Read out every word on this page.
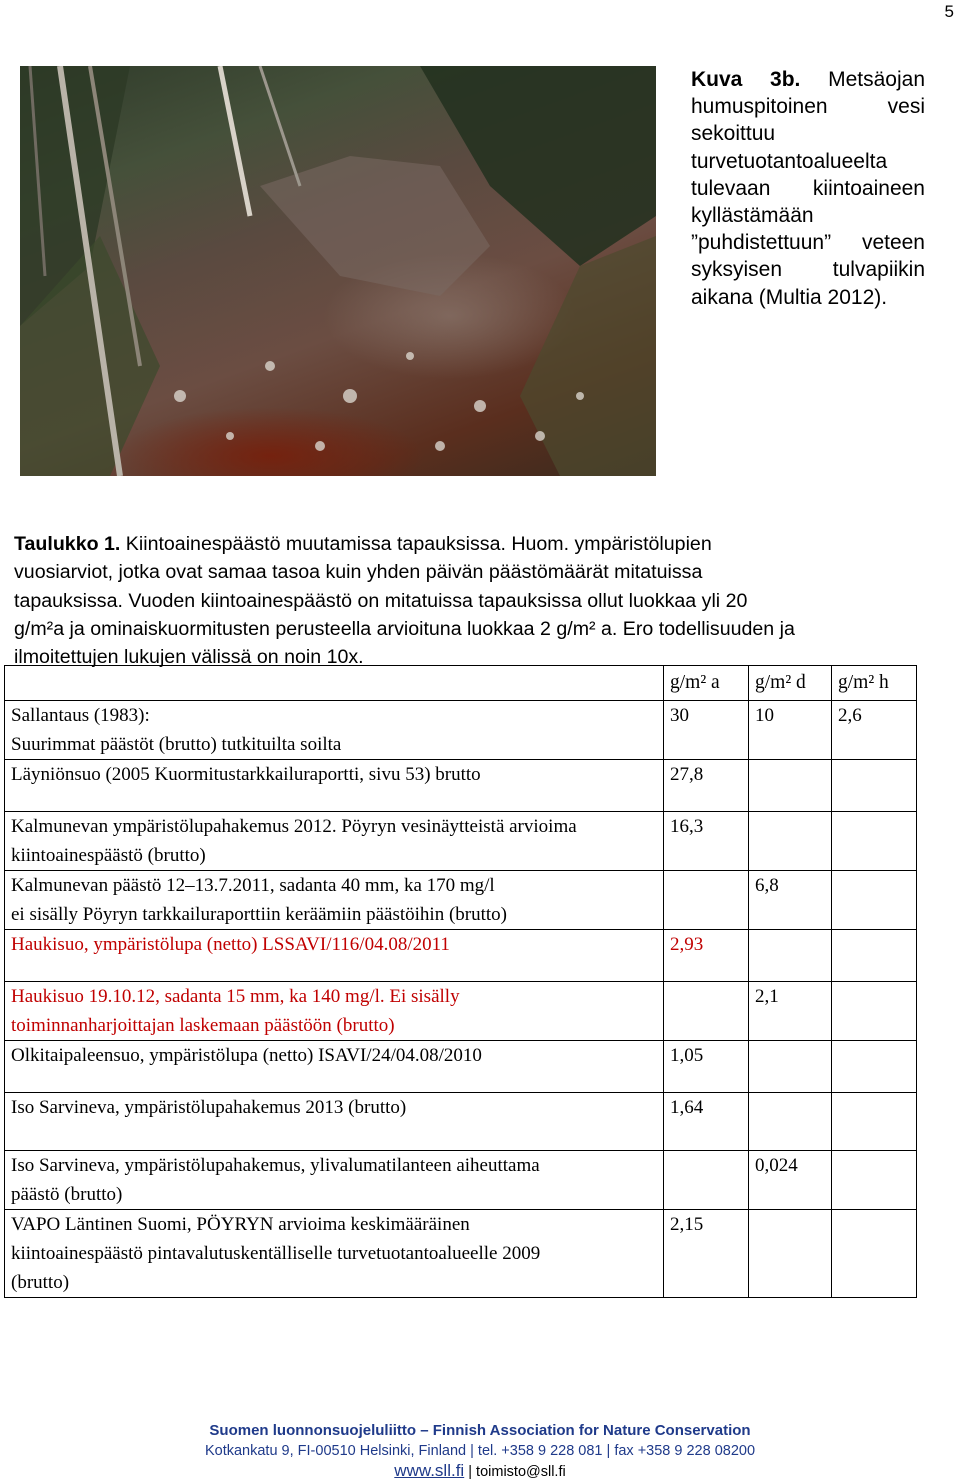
5
Kuva 3b. Metsäojan humuspitoinen vesi sekoittuu turvetuotantoalueelta tulevaan kiintoaineen kyllästämään ”puhdistettuun” veteen syksyisen tulvapiikin aikana (Multia 2012).
Taulukko 1. Kiintoainespäästö muutamissa tapauksissa. Huom. ympäristölupien
vuosiarviot, jotka ovat samaa tasoa kuin yhden päivän päästömäärät mitatuissa
tapauksissa. Vuoden kiintoainespäästö on mitatuissa tapauksissa ollut luokkaa yli 20
g/m²a ja ominaiskuormitusten perusteella arvioituna luokkaa 2 g/m² a. Ero todellisuuden ja
ilmoitettujen lukujen välissä on noin 10x.
	g/m² a	g/m² d	g/m² h

Sallantaus (1983):
Suurimmat päästöt (brutto) tutkituilta soilta	30	10	2,6

Läyniönsuo (2005 Kuormitustarkkailuraportti, sivu 53) brutto	27,8		

Kalmunevan ympäristölupahakemus 2012. Pöyryn vesinäytteistä arvioima
kiintoainespäästö (brutto)	16,3		

Kalmunevan päästö 12–13.7.2011, sadanta 40 mm, ka 170 mg/l
ei sisälly Pöyryn tarkkailuraporttiin keräämiin päästöihin (brutto)		6,8	

Haukisuo, ympäristölupa (netto) LSSAVI/116/04.08/2011	2,93		

Haukisuo 19.10.12, sadanta 15 mm, ka 140 mg/l. Ei sisälly
toiminnanharjoittajan laskemaan päästöön (brutto)		2,1	

Olkitaipaleensuo, ympäristölupa (netto) ISAVI/24/04.08/2010	1,05		

Iso Sarvineva, ympäristölupahakemus 2013 (brutto)	1,64		

Iso Sarvineva, ympäristölupahakemus, ylivalumatilanteen aiheuttama
päästö (brutto)		0,024	

VAPO Läntinen Suomi, PÖYRYN arvioima keskimääräinen
kiintoainespäästö pintavalutuskentälliselle turvetuotantoalueelle 2009
(brutto)	2,15		
Suomen luonnonsuojeluliitto – Finnish Association for Nature Conservation
Kotkankatu 9, FI-00510 Helsinki, Finland | tel. +358 9 228 081 | fax +358 9 228 08200
www.sll.fi | toimisto@sll.fi
